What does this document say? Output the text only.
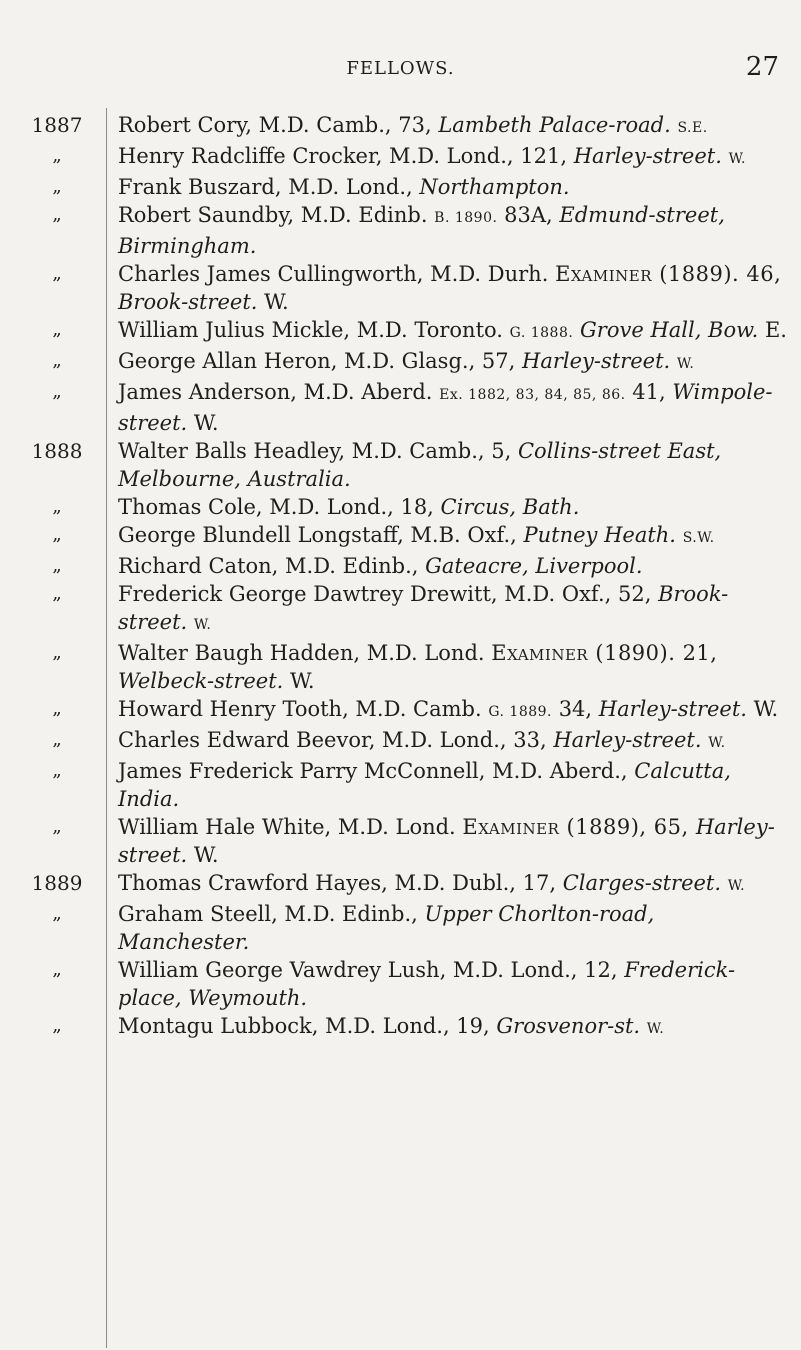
FELLOWS.	27
1887
„
„
„
„
„
„
„
1888
„
„
„
„
„
„
„
„
„
1889
„
„
„
Robert Cory, M.D. Camb., 73, Lambeth Palace-road. S.E.
Henry Radcliffe Crocker, M.D. Lond., 121, Harley-street. W.
Frank Buszard, M.D. Lond., Northampton.
Robert Saundby, M.D. Edinb. B. 1890. 83A, Edmund-street, Birmingham.
Charles James Cullingworth, M.D. Durh. Examiner (1889). 46, Brook-street. W.
William Julius Mickle, M.D. Toronto. G. 1888. Grove Hall, Bow. E.
George Allan Heron, M.D. Glasg., 57, Harley-street. W.
James Anderson, M.D. Aberd. Ex. 1882, 83, 84, 85, 86. 41, Wimpole-street. W.
Walter Balls Headley, M.D. Camb., 5, Collins-street East, Melbourne, Australia.
Thomas Cole, M.D. Lond., 18, Circus, Bath.
George Blundell Longstaff, M.B. Oxf., Putney Heath. S.W.
Richard Caton, M.D. Edinb., Gateacre, Liverpool.
Frederick George Dawtrey Drewitt, M.D. Oxf., 52, Brook-street. W.
Walter Baugh Hadden, M.D. Lond. Examiner (1890). 21, Welbeck-street. W.
Howard Henry Tooth, M.D. Camb. G. 1889. 34, Harley-street. W.
Charles Edward Beevor, M.D. Lond., 33, Harley-street. W.
James Frederick Parry McConnell, M.D. Aberd., Calcutta, India.
William Hale White, M.D. Lond. Examiner (1889), 65, Harley-street. W.
Thomas Crawford Hayes, M.D. Dubl., 17, Clarges-street. W.
Graham Steell, M.D. Edinb., Upper Chorlton-road, Manchester.
William George Vawdrey Lush, M.D. Lond., 12, Frederick-place, Weymouth.
Montagu Lubbock, M.D. Lond., 19, Grosvenor-st. W.
